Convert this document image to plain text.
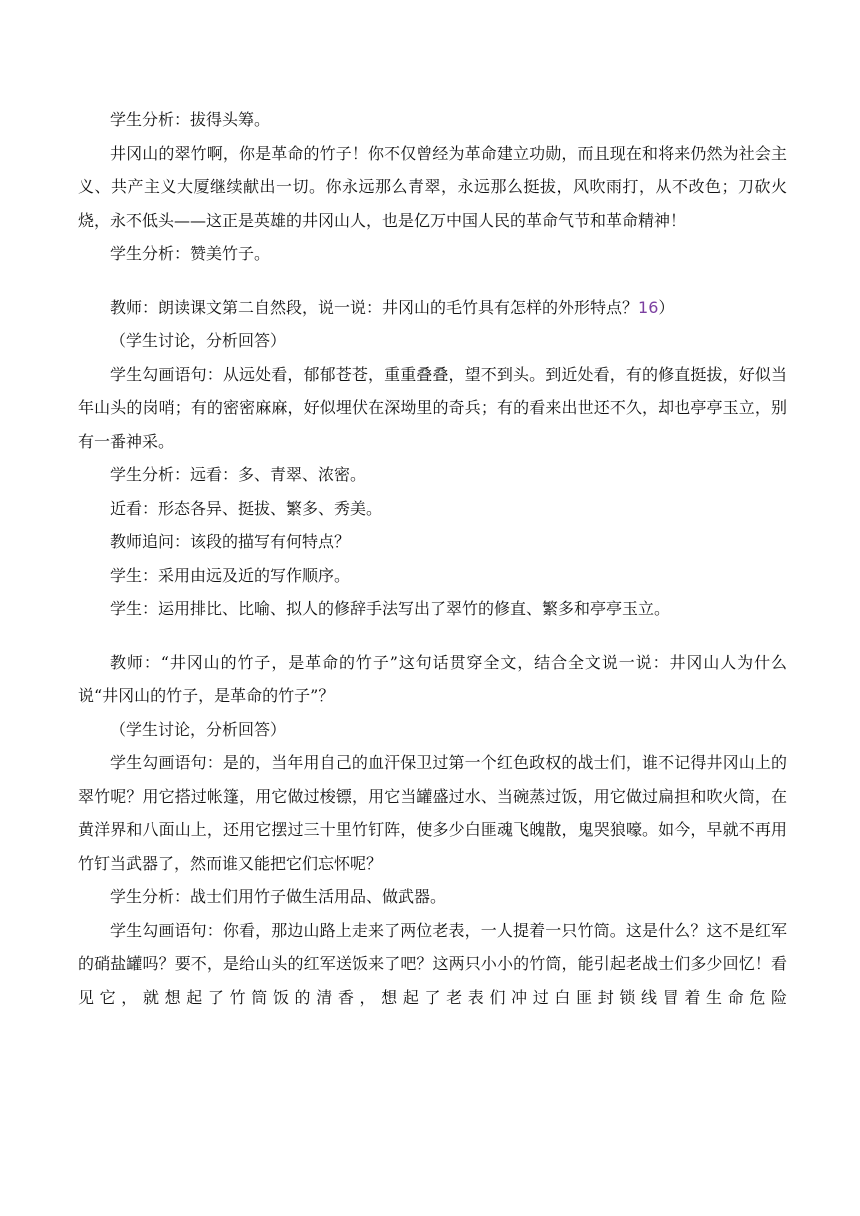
学生分析：拔得头筹。

井冈山的翠竹啊，你是革命的竹子！你不仅曾经为革命建立功勋，而且现在和将来仍然为社会主义、共产主义大厦继续献出一切。你永远那么青翠，永远那么挺拔，风吹雨打，从不改色；刀砍火烧，永不低头——这正是英雄的井冈山人，也是亿万中国人民的革命气节和革命精神！

学生分析：赞美竹子。

教师：朗读课文第二自然段，说一说：井冈山的毛竹具有怎样的外形特点？16）

（学生讨论，分析回答）

学生勾画语句：从远处看，郁郁苍苍，重重叠叠，望不到头。到近处看，有的修直挺拔，好似当年山头的岗哨；有的密密麻麻，好似埋伏在深坳里的奇兵；有的看来出世还不久，却也亭亭玉立，别有一番神采。

学生分析：远看：多、青翠、浓密。

近看：形态各异、挺拔、繁多、秀美。

教师追问：该段的描写有何特点？

学生：采用由远及近的写作顺序。

学生：运用排比、比喻、拟人的修辞手法写出了翠竹的修直、繁多和亭亭玉立。

教师：“井冈山的竹子，是革命的竹子”这句话贯穿全文，结合全文说一说：井冈山人为什么说“井冈山的竹子，是革命的竹子”？

（学生讨论，分析回答）

学生勾画语句：是的，当年用自己的血汗保卫过第一个红色政权的战士们，谁不记得井冈山上的翠竹呢？用它搭过帐篷，用它做过梭镖，用它当罐盛过水、当碗蒸过饭，用它做过扁担和吹火筒，在黄洋界和八面山上，还用它摆过三十里竹钉阵，使多少白匪魂飞魄散，鬼哭狼嚎。如今，早就不再用竹钉当武器了，然而谁又能把它们忘怀呢？

学生分析：战士们用竹子做生活用品、做武器。

学生勾画语句：你看，那边山路上走来了两位老表，一人提着一只竹筒。这是什么？这不是红军的硝盐罐吗？要不，是给山头的红军送饭来了吧？这两只小小的竹筒，能引起老战士们多少回忆！看见它，就想起了竹筒饭的清香，想起了老表们冲过白匪封锁线冒着生命危险
